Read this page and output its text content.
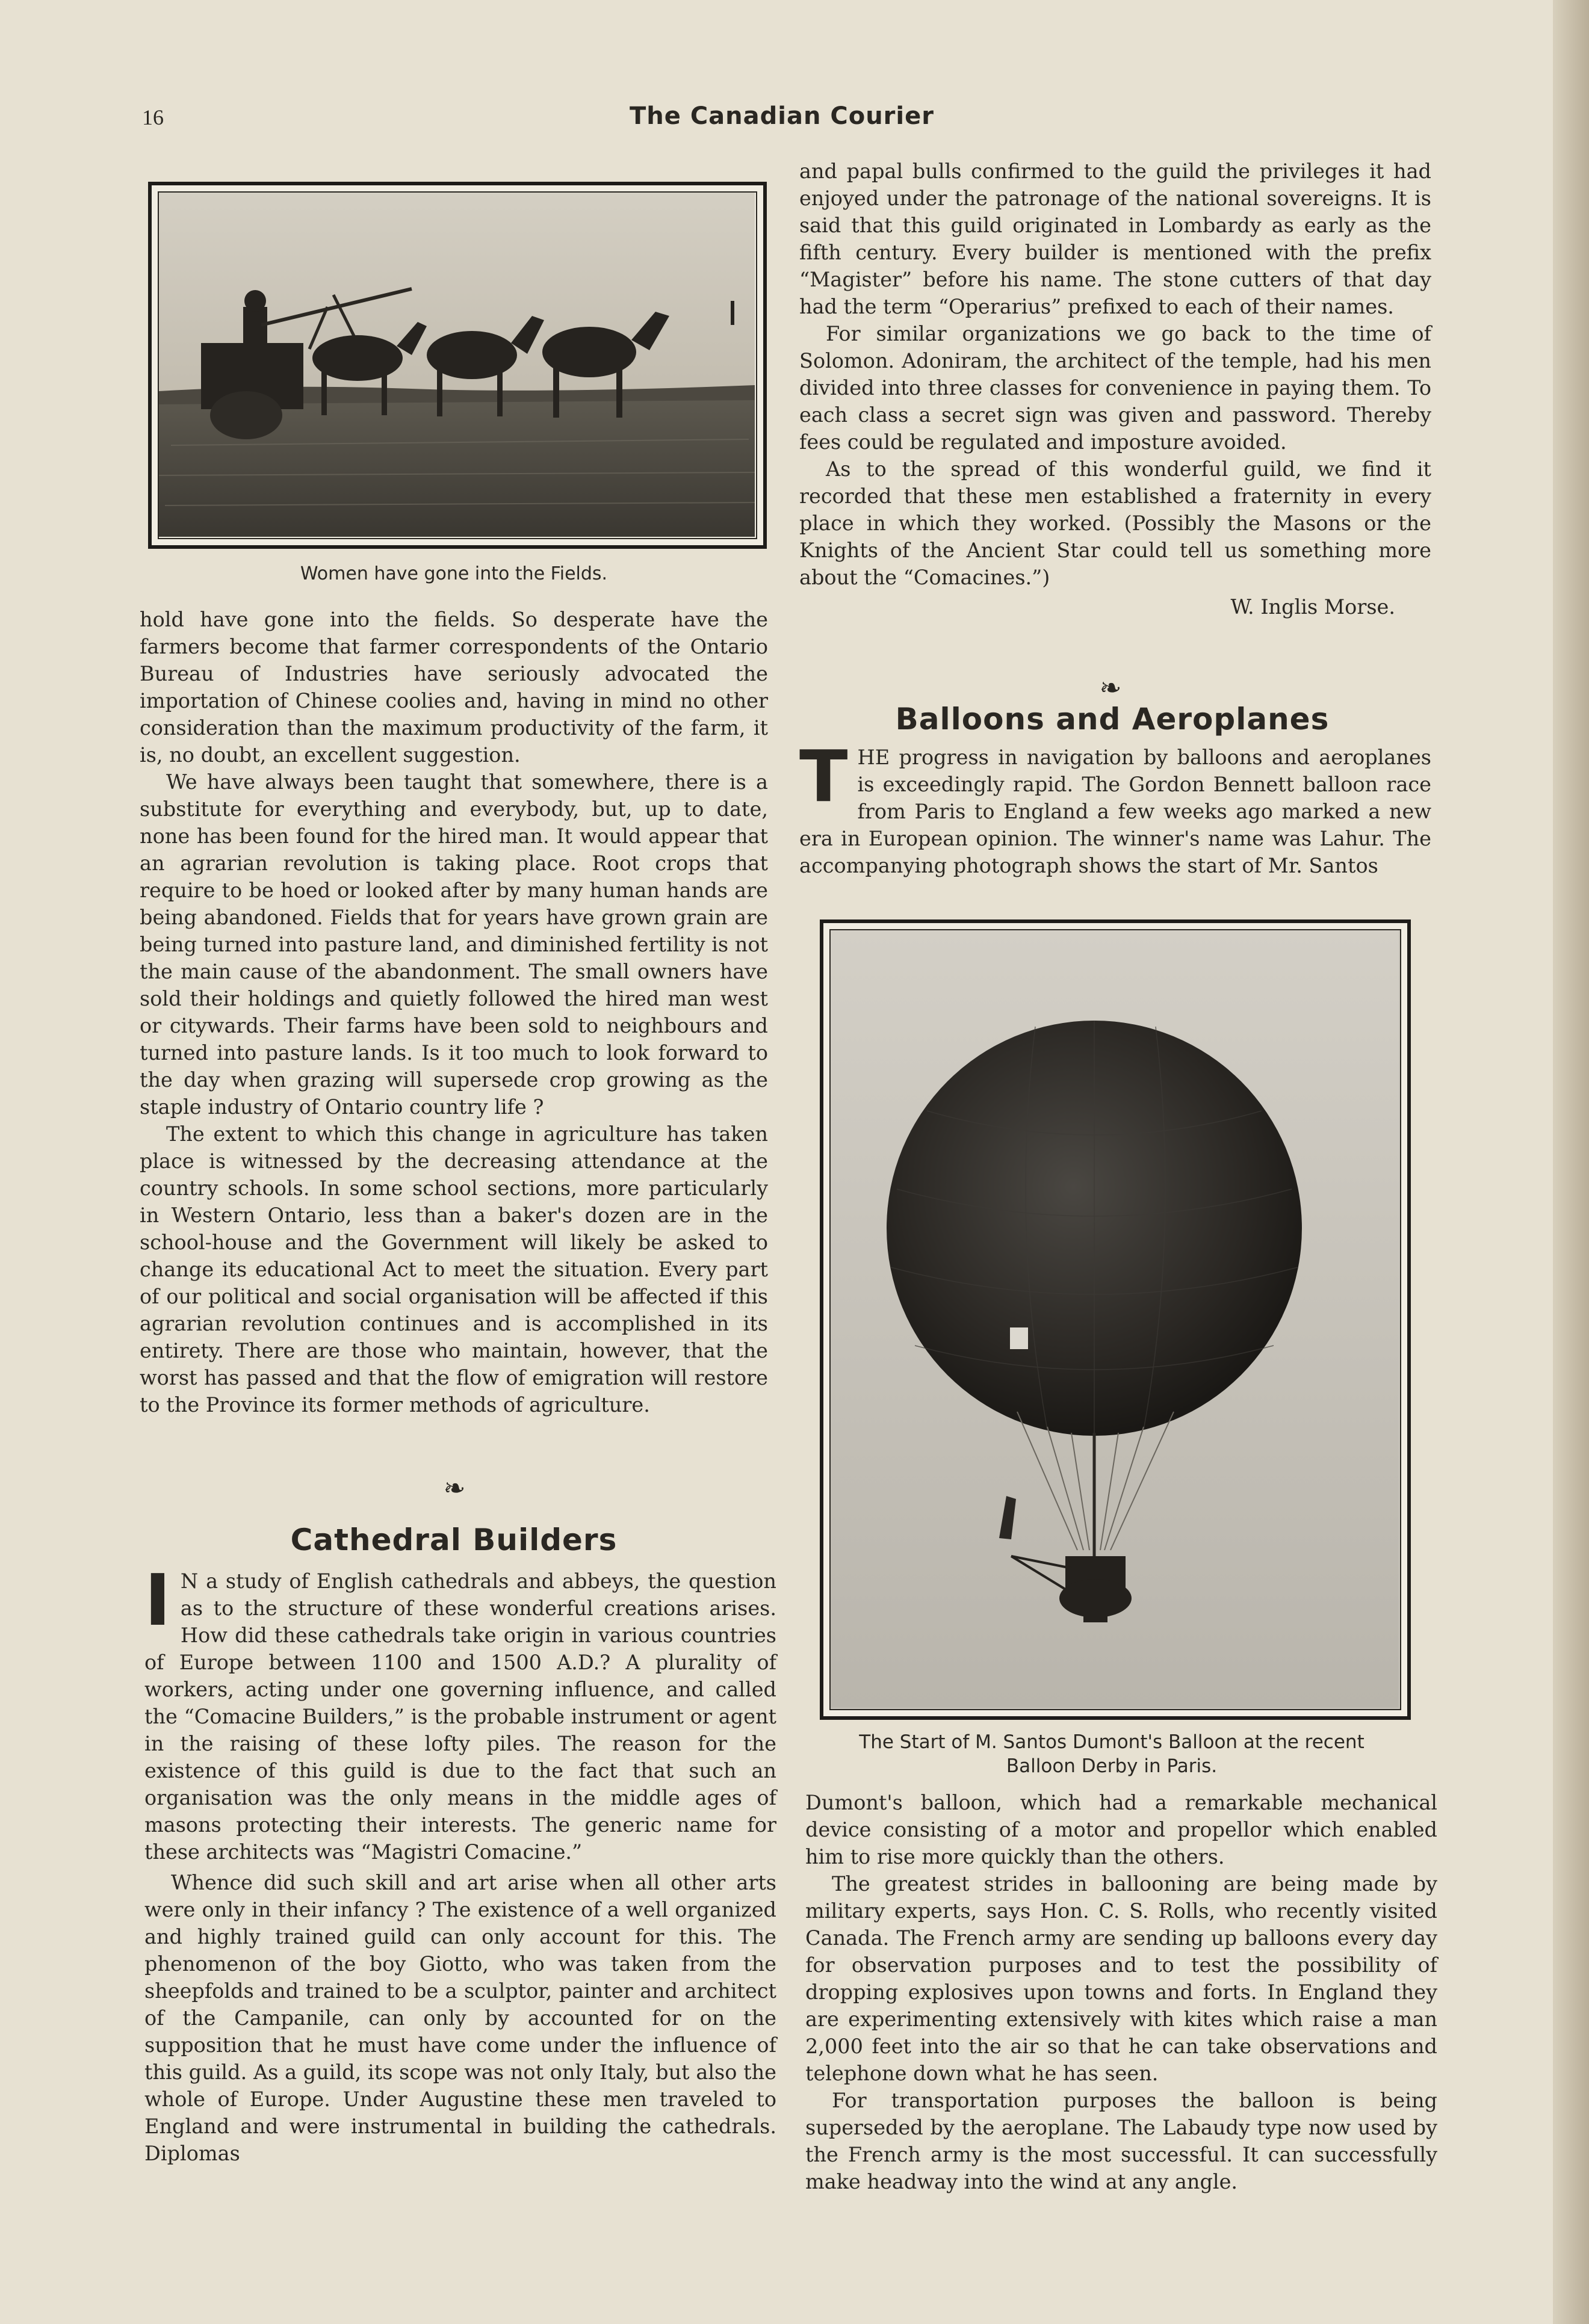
16	The Canadian Courier
Women have gone into the Fields.

hold have gone into the fields. So desperate have the farmers become that farmer correspondents of the Ontario Bureau of Industries have seriously advocated the importation of Chinese coolies and, having in mind no other consideration than the maximum productivity of the farm, it is, no doubt, an excellent suggestion.

We have always been taught that somewhere, there is a substitute for everything and everybody, but, up to date, none has been found for the hired man. It would appear that an agrarian revolution is taking place. Root crops that require to be hoed or looked after by many human hands are being abandoned. Fields that for years have grown grain are being turned into pasture land, and diminished fertility is not the main cause of the abandonment. The small owners have sold their holdings and quietly followed the hired man west or citywards. Their farms have been sold to neighbours and turned into pasture lands. Is it too much to look forward to the day when grazing will supersede crop growing as the staple industry of Ontario country life ?

The extent to which this change in agriculture has taken place is witnessed by the decreasing attendance at the country schools. In some school sections, more particularly in Western Ontario, less than a baker's dozen are in the school-house and the Government will likely be asked to change its educational Act to meet the situation. Every part of our political and social organisation will be affected if this agrarian revolution continues and is accomplished in its entirety. There are those who maintain, however, that the worst has passed and that the flow of emigration will restore to the Province its former methods of agriculture.

❧
Cathedral Builders

I N a study of English cathedrals and abbeys, the question as to the structure of these wonderful creations arises. How did these cathedrals take origin in various countries of Europe between 1100 and 1500 A.D.? A plurality of workers, acting under one governing influence, and called the “Comacine Builders,” is the probable instrument or agent in the raising of these lofty piles. The reason for the existence of this guild is due to the fact that such an organisation was the only means in the middle ages of masons protecting their interests. The generic name for these architects was “Magistri Comacine.”

Whence did such skill and art arise when all other arts were only in their infancy ? The existence of a well organized and highly trained guild can only account for this. The phenomenon of the boy Giotto, who was taken from the sheepfolds and trained to be a sculptor, painter and architect of the Campanile, can only by accounted for on the supposition that he must have come under the influence of this guild. As a guild, its scope was not only Italy, but also the whole of Europe. Under Augustine these men traveled to England and were instrumental in building the cathedrals. Diplomas

and papal bulls confirmed to the guild the privileges it had enjoyed under the patronage of the national sovereigns. It is said that this guild originated in Lombardy as early as the fifth century. Every builder is mentioned with the prefix “Magister” before his name. The stone cutters of that day had the term “Operarius” prefixed to each of their names.

For similar organizations we go back to the time of Solomon. Adoniram, the architect of the temple, had his men divided into three classes for convenience in paying them. To each class a secret sign was given and password. Thereby fees could be regulated and imposture avoided.

As to the spread of this wonderful guild, we find it recorded that these men established a fraternity in every place in which they worked. (Possibly the Masons or the Knights of the Ancient Star could tell us something more about the “Comacines.”)

W. Inglis Morse.
❧
Balloons and Aeroplanes

THE progress in navigation by balloons and aeroplanes is exceedingly rapid. The Gordon Bennett balloon race from Paris to England a few weeks ago marked a new era in European opinion. The winner's name was Lahur. The accompanying photograph shows the start of Mr. Santos

The Start of M. Santos Dumont's Balloon at the recent
Balloon Derby in Paris.

Dumont's balloon, which had a remarkable mechanical device consisting of a motor and propellor which enabled him to rise more quickly than the others.

The greatest strides in ballooning are being made by military experts, says Hon. C. S. Rolls, who recently visited Canada. The French army are sending up balloons every day for observation purposes and to test the possibility of dropping explosives upon towns and forts. In England they are experimenting extensively with kites which raise a man 2,000 feet into the air so that he can take observations and telephone down what he has seen.

For transportation purposes the balloon is being superseded by the aeroplane. The Labaudy type now used by the French army is the most successful. It can successfully make headway into the wind at any angle.
